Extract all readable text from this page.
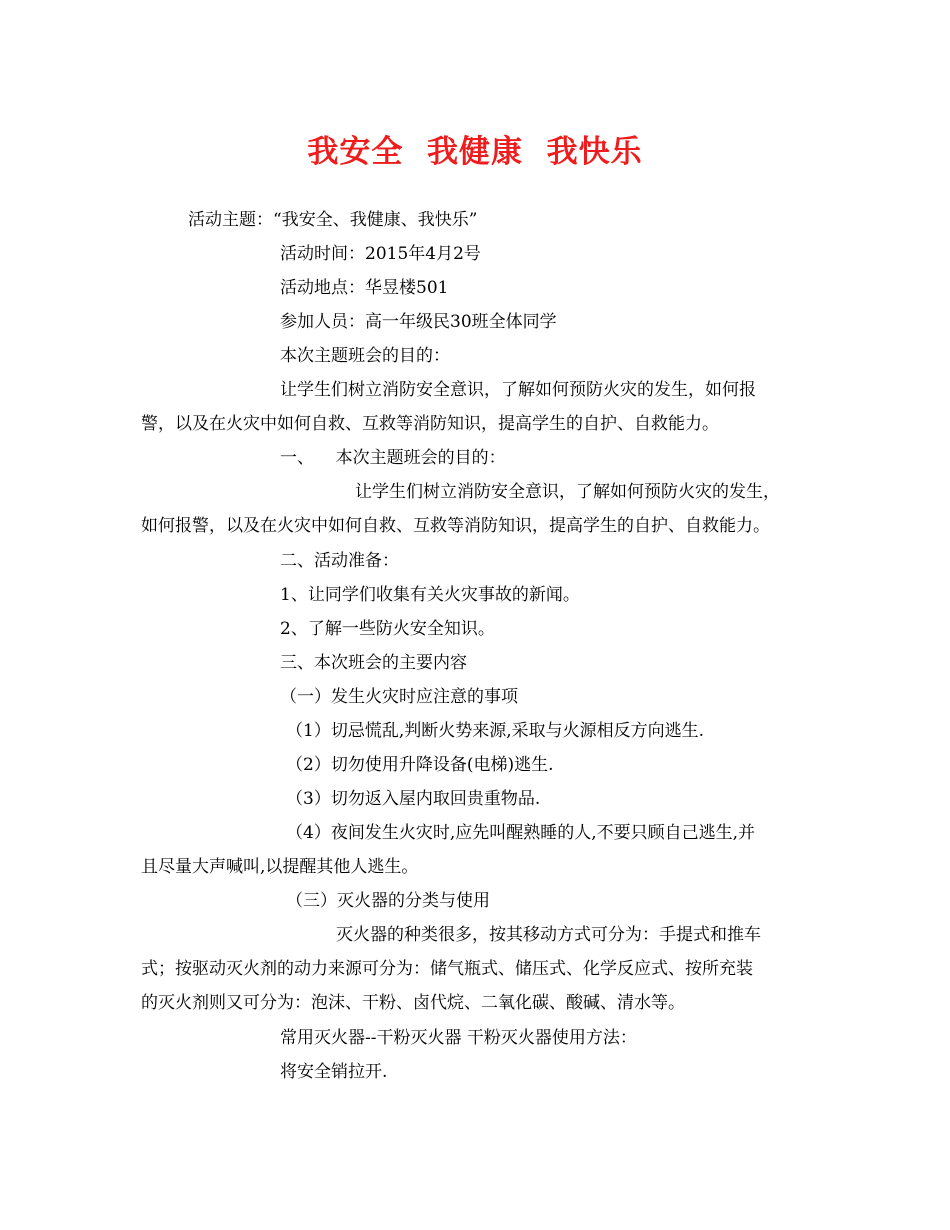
我安全  我健康  我快乐
活动主题：“我安全、我健康、我快乐”
活动时间：2015年4月2号
活动地点：华昱楼501
参加人员：高一年级民30班全体同学
本次主题班会的目的：
让学生们树立消防安全意识，了解如何预防火灾的发生，如何报
警，以及在火灾中如何自救、互救等消防知识，提高学生的自护、自救能力。
一、    本次主题班会的目的：
让学生们树立消防安全意识，了解如何预防火灾的发生，
如何报警，以及在火灾中如何自救、互救等消防知识，提高学生的自护、自救能力。
二、活动准备：
1、让同学们收集有关火灾事故的新闻。
2、了解一些防火安全知识。
三、本次班会的主要内容
（一）发生火灾时应注意的事项
（1）切忌慌乱,判断火势来源,采取与火源相反方向逃生.
（2）切勿使用升降设备(电梯)逃生.
（3）切勿返入屋内取回贵重物品.
（4）夜间发生火灾时,应先叫醒熟睡的人,不要只顾自己逃生,并
且尽量大声喊叫,以提醒其他人逃生。
（三）灭火器的分类与使用
灭火器的种类很多，按其移动方式可分为：手提式和推车
式；按驱动灭火剂的动力来源可分为：储气瓶式、储压式、化学反应式、按所充装
的灭火剂则又可分为：泡沫、干粉、卤代烷、二氧化碳、酸碱、清水等。
常用灭火器--干粉灭火器 干粉灭火器使用方法：
将安全销拉开.
